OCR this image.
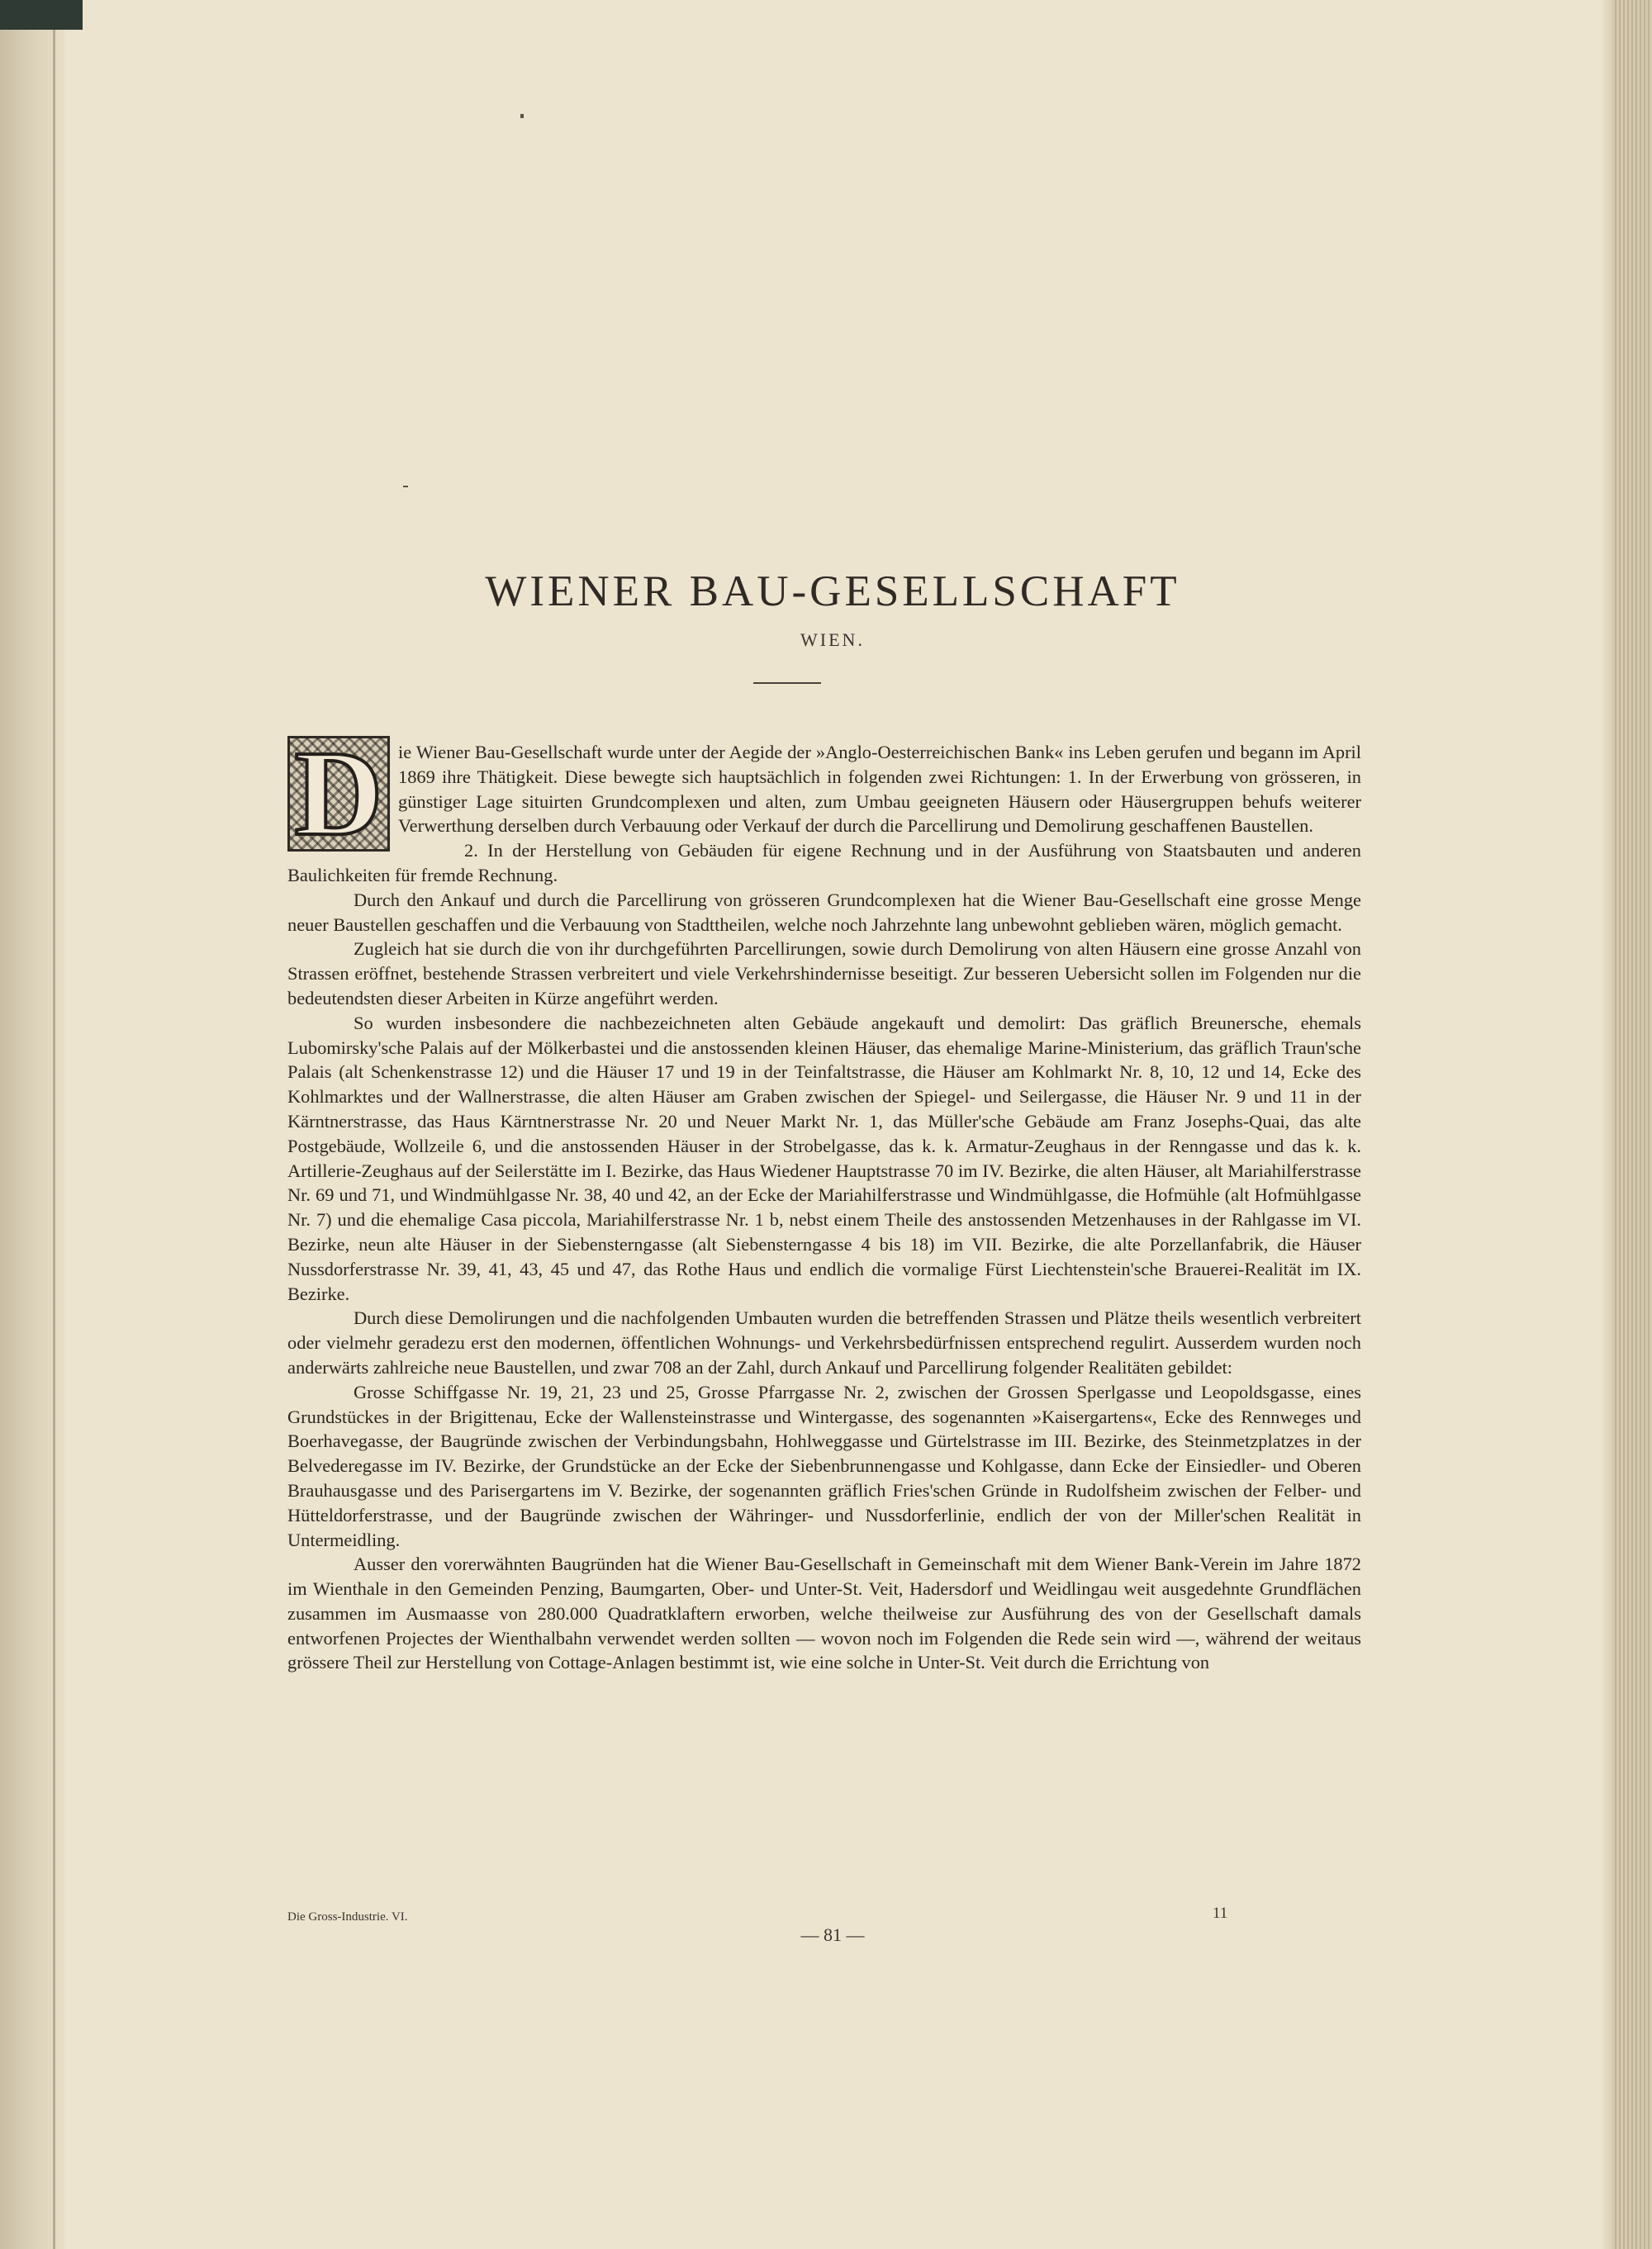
WIENER BAU-GESELLSCHAFT
WIEN.
D ie Wiener Bau-Gesellschaft wurde unter der Aegide der »Anglo-Oesterreichischen Bank« ins Leben gerufen und begann im April 1869 ihre Thätigkeit. Diese bewegte sich hauptsächlich in folgenden zwei Richtungen: 1. In der Erwerbung von grösseren, in günstiger Lage situirten Grundcomplexen und alten, zum Umbau geeigneten Häusern oder Häusergruppen behufs weiterer Verwerthung derselben durch Verbauung oder Verkauf der durch die Parcellirung und Demolirung geschaffenen Baustellen.

2. In der Herstellung von Gebäuden für eigene Rechnung und in der Ausführung von Staatsbauten und anderen Baulichkeiten für fremde Rechnung.

Durch den Ankauf und durch die Parcellirung von grösseren Grundcomplexen hat die Wiener Bau-Gesellschaft eine grosse Menge neuer Baustellen geschaffen und die Verbauung von Stadttheilen, welche noch Jahrzehnte lang unbewohnt geblieben wären, möglich gemacht.

Zugleich hat sie durch die von ihr durchgeführten Parcellirungen, sowie durch Demolirung von alten Häusern eine grosse Anzahl von Strassen eröffnet, bestehende Strassen verbreitert und viele Verkehrshindernisse beseitigt. Zur besseren Uebersicht sollen im Folgenden nur die bedeutendsten dieser Arbeiten in Kürze angeführt werden.

So wurden insbesondere die nachbezeichneten alten Gebäude angekauft und demolirt: Das gräflich Breunersche, ehemals Lubomirsky'sche Palais auf der Mölkerbastei und die anstossenden kleinen Häuser, das ehemalige Marine-Ministerium, das gräflich Traun'sche Palais (alt Schenkenstrasse 12) und die Häuser 17 und 19 in der Teinfaltstrasse, die Häuser am Kohlmarkt Nr. 8, 10, 12 und 14, Ecke des Kohlmarktes und der Wallnerstrasse, die alten Häuser am Graben zwischen der Spiegel- und Seilergasse, die Häuser Nr. 9 und 11 in der Kärntnerstrasse, das Haus Kärntnerstrasse Nr. 20 und Neuer Markt Nr. 1, das Müller'sche Gebäude am Franz Josephs-Quai, das alte Postgebäude, Wollzeile 6, und die anstossenden Häuser in der Strobelgasse, das k. k. Armatur-Zeughaus in der Renngasse und das k. k. Artillerie-Zeughaus auf der Seilerstätte im I. Bezirke, das Haus Wiedener Hauptstrasse 70 im IV. Bezirke, die alten Häuser, alt Mariahilferstrasse Nr. 69 und 71, und Windmühlgasse Nr. 38, 40 und 42, an der Ecke der Mariahilferstrasse und Windmühlgasse, die Hofmühle (alt Hofmühlgasse Nr. 7) und die ehemalige Casa piccola, Mariahilferstrasse Nr. 1 b, nebst einem Theile des anstossenden Metzenhauses in der Rahlgasse im VI. Bezirke, neun alte Häuser in der Siebensterngasse (alt Siebensterngasse 4 bis 18) im VII. Bezirke, die alte Porzellanfabrik, die Häuser Nussdorferstrasse Nr. 39, 41, 43, 45 und 47, das Rothe Haus und endlich die vormalige Fürst Liechtenstein'sche Brauerei-Realität im IX. Bezirke.

Durch diese Demolirungen und die nachfolgenden Umbauten wurden die betreffenden Strassen und Plätze theils wesentlich verbreitert oder vielmehr geradezu erst den modernen, öffentlichen Wohnungs- und Verkehrsbedürfnissen entsprechend regulirt. Ausserdem wurden noch anderwärts zahlreiche neue Baustellen, und zwar 708 an der Zahl, durch Ankauf und Parcellirung folgender Realitäten gebildet:

Grosse Schiffgasse Nr. 19, 21, 23 und 25, Grosse Pfarrgasse Nr. 2, zwischen der Grossen Sperlgasse und Leopoldsgasse, eines Grundstückes in der Brigittenau, Ecke der Wallensteinstrasse und Wintergasse, des sogenannten »Kaisergartens«, Ecke des Rennweges und Boerhavegasse, der Baugründe zwischen der Verbindungsbahn, Hohlweggasse und Gürtelstrasse im III. Bezirke, des Steinmetzplatzes in der Belvederegasse im IV. Bezirke, der Grundstücke an der Ecke der Siebenbrunnengasse und Kohlgasse, dann Ecke der Einsiedler- und Oberen Brauhausgasse und des Parisergartens im V. Bezirke, der sogenannten gräflich Fries'schen Gründe in Rudolfsheim zwischen der Felber- und Hütteldorferstrasse, und der Baugründe zwischen der Währinger- und Nussdorferlinie, endlich der von der Miller'schen Realität in Untermeidling.

Ausser den vorerwähnten Baugründen hat die Wiener Bau-Gesellschaft in Gemeinschaft mit dem Wiener Bank-Verein im Jahre 1872 im Wienthale in den Gemeinden Penzing, Baumgarten, Ober- und Unter-St. Veit, Hadersdorf und Weidlingau weit ausgedehnte Grundflächen zusammen im Ausmaasse von 280.000 Quadratklaftern erworben, welche theilweise zur Ausführung des von der Gesellschaft damals entworfenen Projectes der Wienthalbahn verwendet werden sollten — wovon noch im Folgenden die Rede sein wird —, während der weitaus grössere Theil zur Herstellung von Cottage-Anlagen bestimmt ist, wie eine solche in Unter-St. Veit durch die Errichtung von

Die Gross-Industrie. VI.	11
— 81 —
